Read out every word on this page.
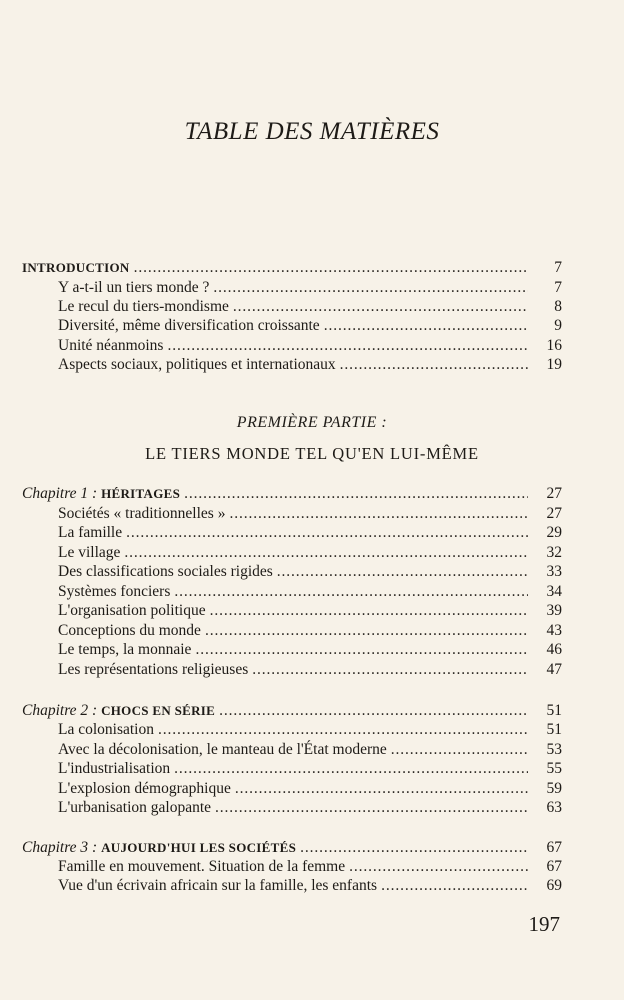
TABLE DES MATIÈRES
INTRODUCTION . . .	7
Y a-t-il un tiers monde ? . . .	7
Le recul du tiers-mondisme . . .	8
Diversité, même diversification croissante . . .	9
Unité néanmoins . . .	16
Aspects sociaux, politiques et internationaux . . .	19
Chapitre 1 : HÉRITAGES . . .	27
Sociétés « traditionnelles » . . .	27
La famille . . .	29
Le village . . .	32
Des classifications sociales rigides . . .	33
Systèmes fonciers . . .	34
L'organisation politique . . .	39
Conceptions du monde . . .	43
Le temps, la monnaie . . .	46
Les représentations religieuses . . .	47
Chapitre 2 : CHOCS EN SÉRIE . . .	51
La colonisation . . .	51
Avec la décolonisation, le manteau de l'État moderne . . .	53
L'industrialisation . . .	55
L'explosion démographique . . .	59
L'urbanisation galopante . . .	63
Chapitre 3 : AUJOURD'HUI LES SOCIÉTÉS . . .	67
Famille en mouvement. Situation de la femme . . .	67
Vue d'un écrivain africain sur la famille, les enfants . . .	69
PREMIÈRE PARTIE :
LE TIERS MONDE TEL QU'EN LUI-MÊME
197
